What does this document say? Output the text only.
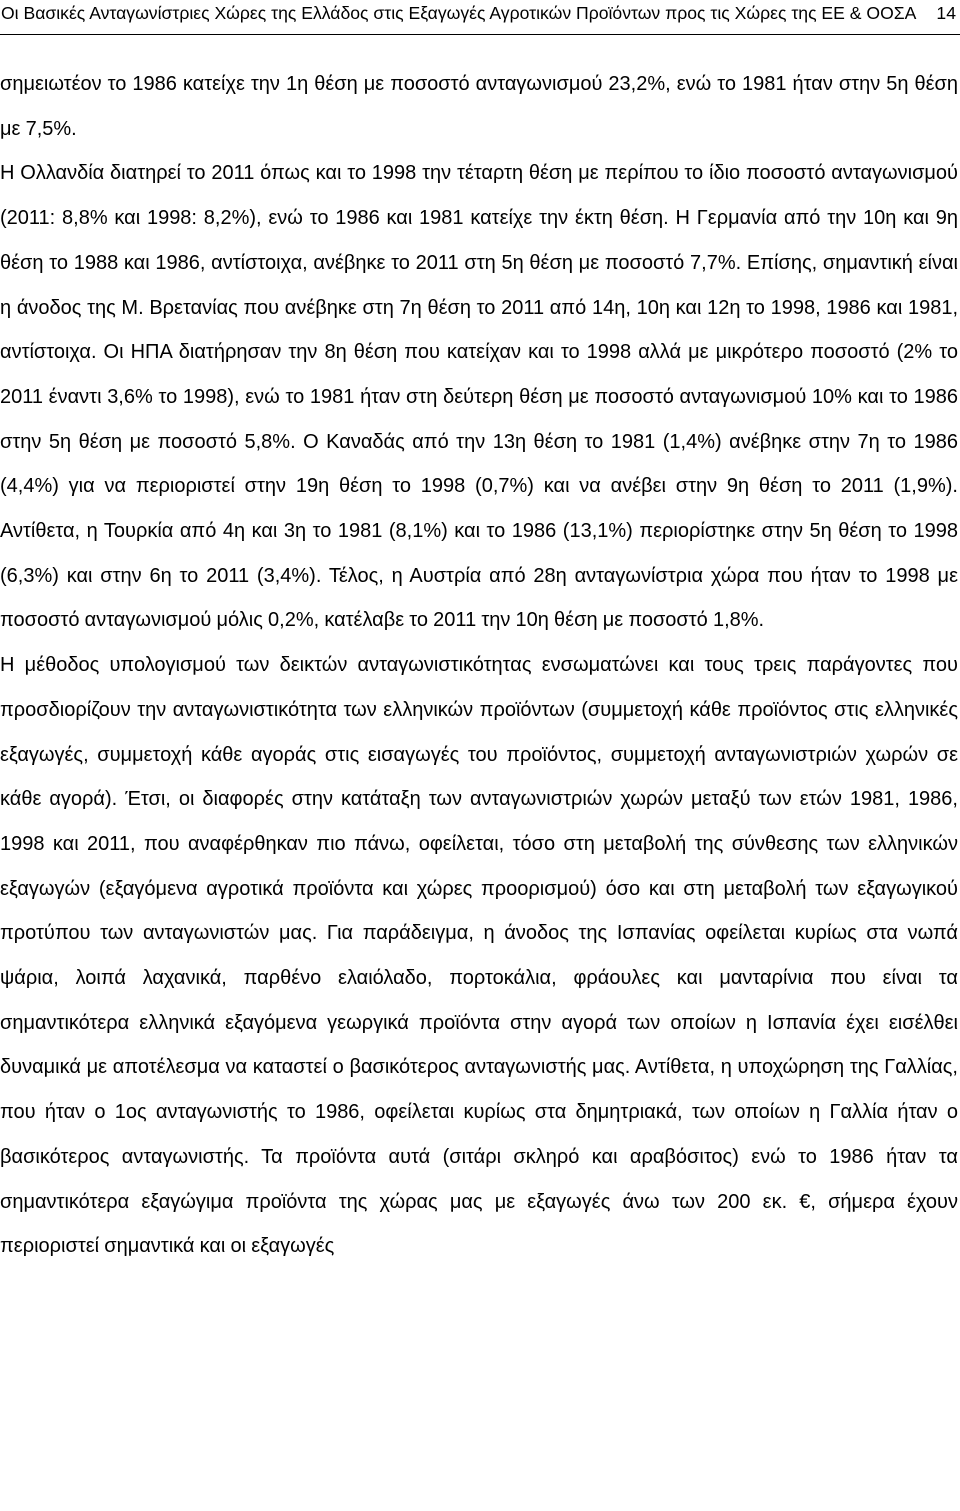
Οι Βασικές Ανταγωνίστριες Χώρες της Ελλάδος στις Εξαγωγές Αγροτικών Προϊόντων προς τις Χώρες της ΕΕ & ΟΟΣΑ 14

σημειωτέον το 1986 κατείχε την 1η θέση με ποσοστό ανταγωνισμού 23,2%, ενώ το 1981 ήταν στην 5η θέση με 7,5%.

Η Ολλανδία διατηρεί το 2011 όπως και το 1998 την τέταρτη θέση με περίπου το ίδιο ποσοστό ανταγωνισμού (2011: 8,8% και 1998: 8,2%), ενώ το 1986 και 1981 κατείχε την έκτη θέση. Η Γερμανία από την 10η και 9η θέση το 1988 και 1986, αντίστοιχα, ανέβηκε το 2011 στη 5η θέση με ποσοστό 7,7%. Επίσης, σημαντική είναι η άνοδος της Μ. Βρετανίας που ανέβηκε στη 7η θέση το 2011 από 14η, 10η και 12η το 1998, 1986 και 1981, αντίστοιχα. Οι ΗΠΑ διατήρησαν την 8η θέση που κατείχαν και το 1998 αλλά με μικρότερο ποσοστό (2% το 2011 έναντι 3,6% το 1998), ενώ το 1981 ήταν στη δεύτερη θέση με ποσοστό ανταγωνισμού 10% και το 1986 στην 5η θέση με ποσοστό 5,8%. Ο Καναδάς από την 13η θέση το 1981 (1,4%) ανέβηκε στην 7η το 1986 (4,4%) για να περιοριστεί στην 19η θέση το 1998 (0,7%) και να ανέβει στην 9η θέση το 2011 (1,9%). Αντίθετα, η Τουρκία από 4η και 3η το 1981 (8,1%) και το 1986 (13,1%) περιορίστηκε στην 5η θέση το 1998 (6,3%) και στην 6η το 2011 (3,4%). Τέλος, η Αυστρία από 28η ανταγωνίστρια χώρα που ήταν το 1998 με ποσοστό ανταγωνισμού μόλις 0,2%, κατέλαβε το 2011 την 10η θέση με ποσοστό 1,8%.

Η μέθοδος υπολογισμού των δεικτών ανταγωνιστικότητας ενσωματώνει και τους τρεις παράγοντες που προσδιορίζουν την ανταγωνιστικότητα των ελληνικών προϊόντων (συμμετοχή κάθε προϊόντος στις ελληνικές εξαγωγές, συμμετοχή κάθε αγοράς στις εισαγωγές του προϊόντος, συμμετοχή ανταγωνιστριών χωρών σε κάθε αγορά). Έτσι, οι διαφορές στην κατάταξη των ανταγωνιστριών χωρών μεταξύ των ετών 1981, 1986, 1998 και 2011, που αναφέρθηκαν πιο πάνω, οφείλεται, τόσο στη μεταβολή της σύνθεσης των ελληνικών εξαγωγών (εξαγόμενα αγροτικά προϊόντα και χώρες προορισμού) όσο και στη μεταβολή των εξαγωγικού προτύπου των ανταγωνιστών μας. Για παράδειγμα, η άνοδος της Ισπανίας οφείλεται κυρίως στα νωπά ψάρια, λοιπά λαχανικά, παρθένο ελαιόλαδο, πορτοκάλια, φράουλες και μανταρίνια που είναι τα σημαντικότερα ελληνικά εξαγόμενα γεωργικά προϊόντα στην αγορά των οποίων η Ισπανία έχει εισέλθει δυναμικά με αποτέλεσμα να καταστεί ο βασικότερος ανταγωνιστής μας. Αντίθετα, η υποχώρηση της Γαλλίας, που ήταν ο 1ος ανταγωνιστής το 1986, οφείλεται κυρίως στα δημητριακά, των οποίων η Γαλλία ήταν ο βασικότερος ανταγωνιστής. Τα προϊόντα αυτά (σιτάρι σκληρό και αραβόσιτος) ενώ το 1986 ήταν τα σημαντικότερα εξαγώγιμα προϊόντα της χώρας μας με εξαγωγές άνω των 200 εκ. €, σήμερα έχουν περιοριστεί σημαντικά και οι εξαγωγές
